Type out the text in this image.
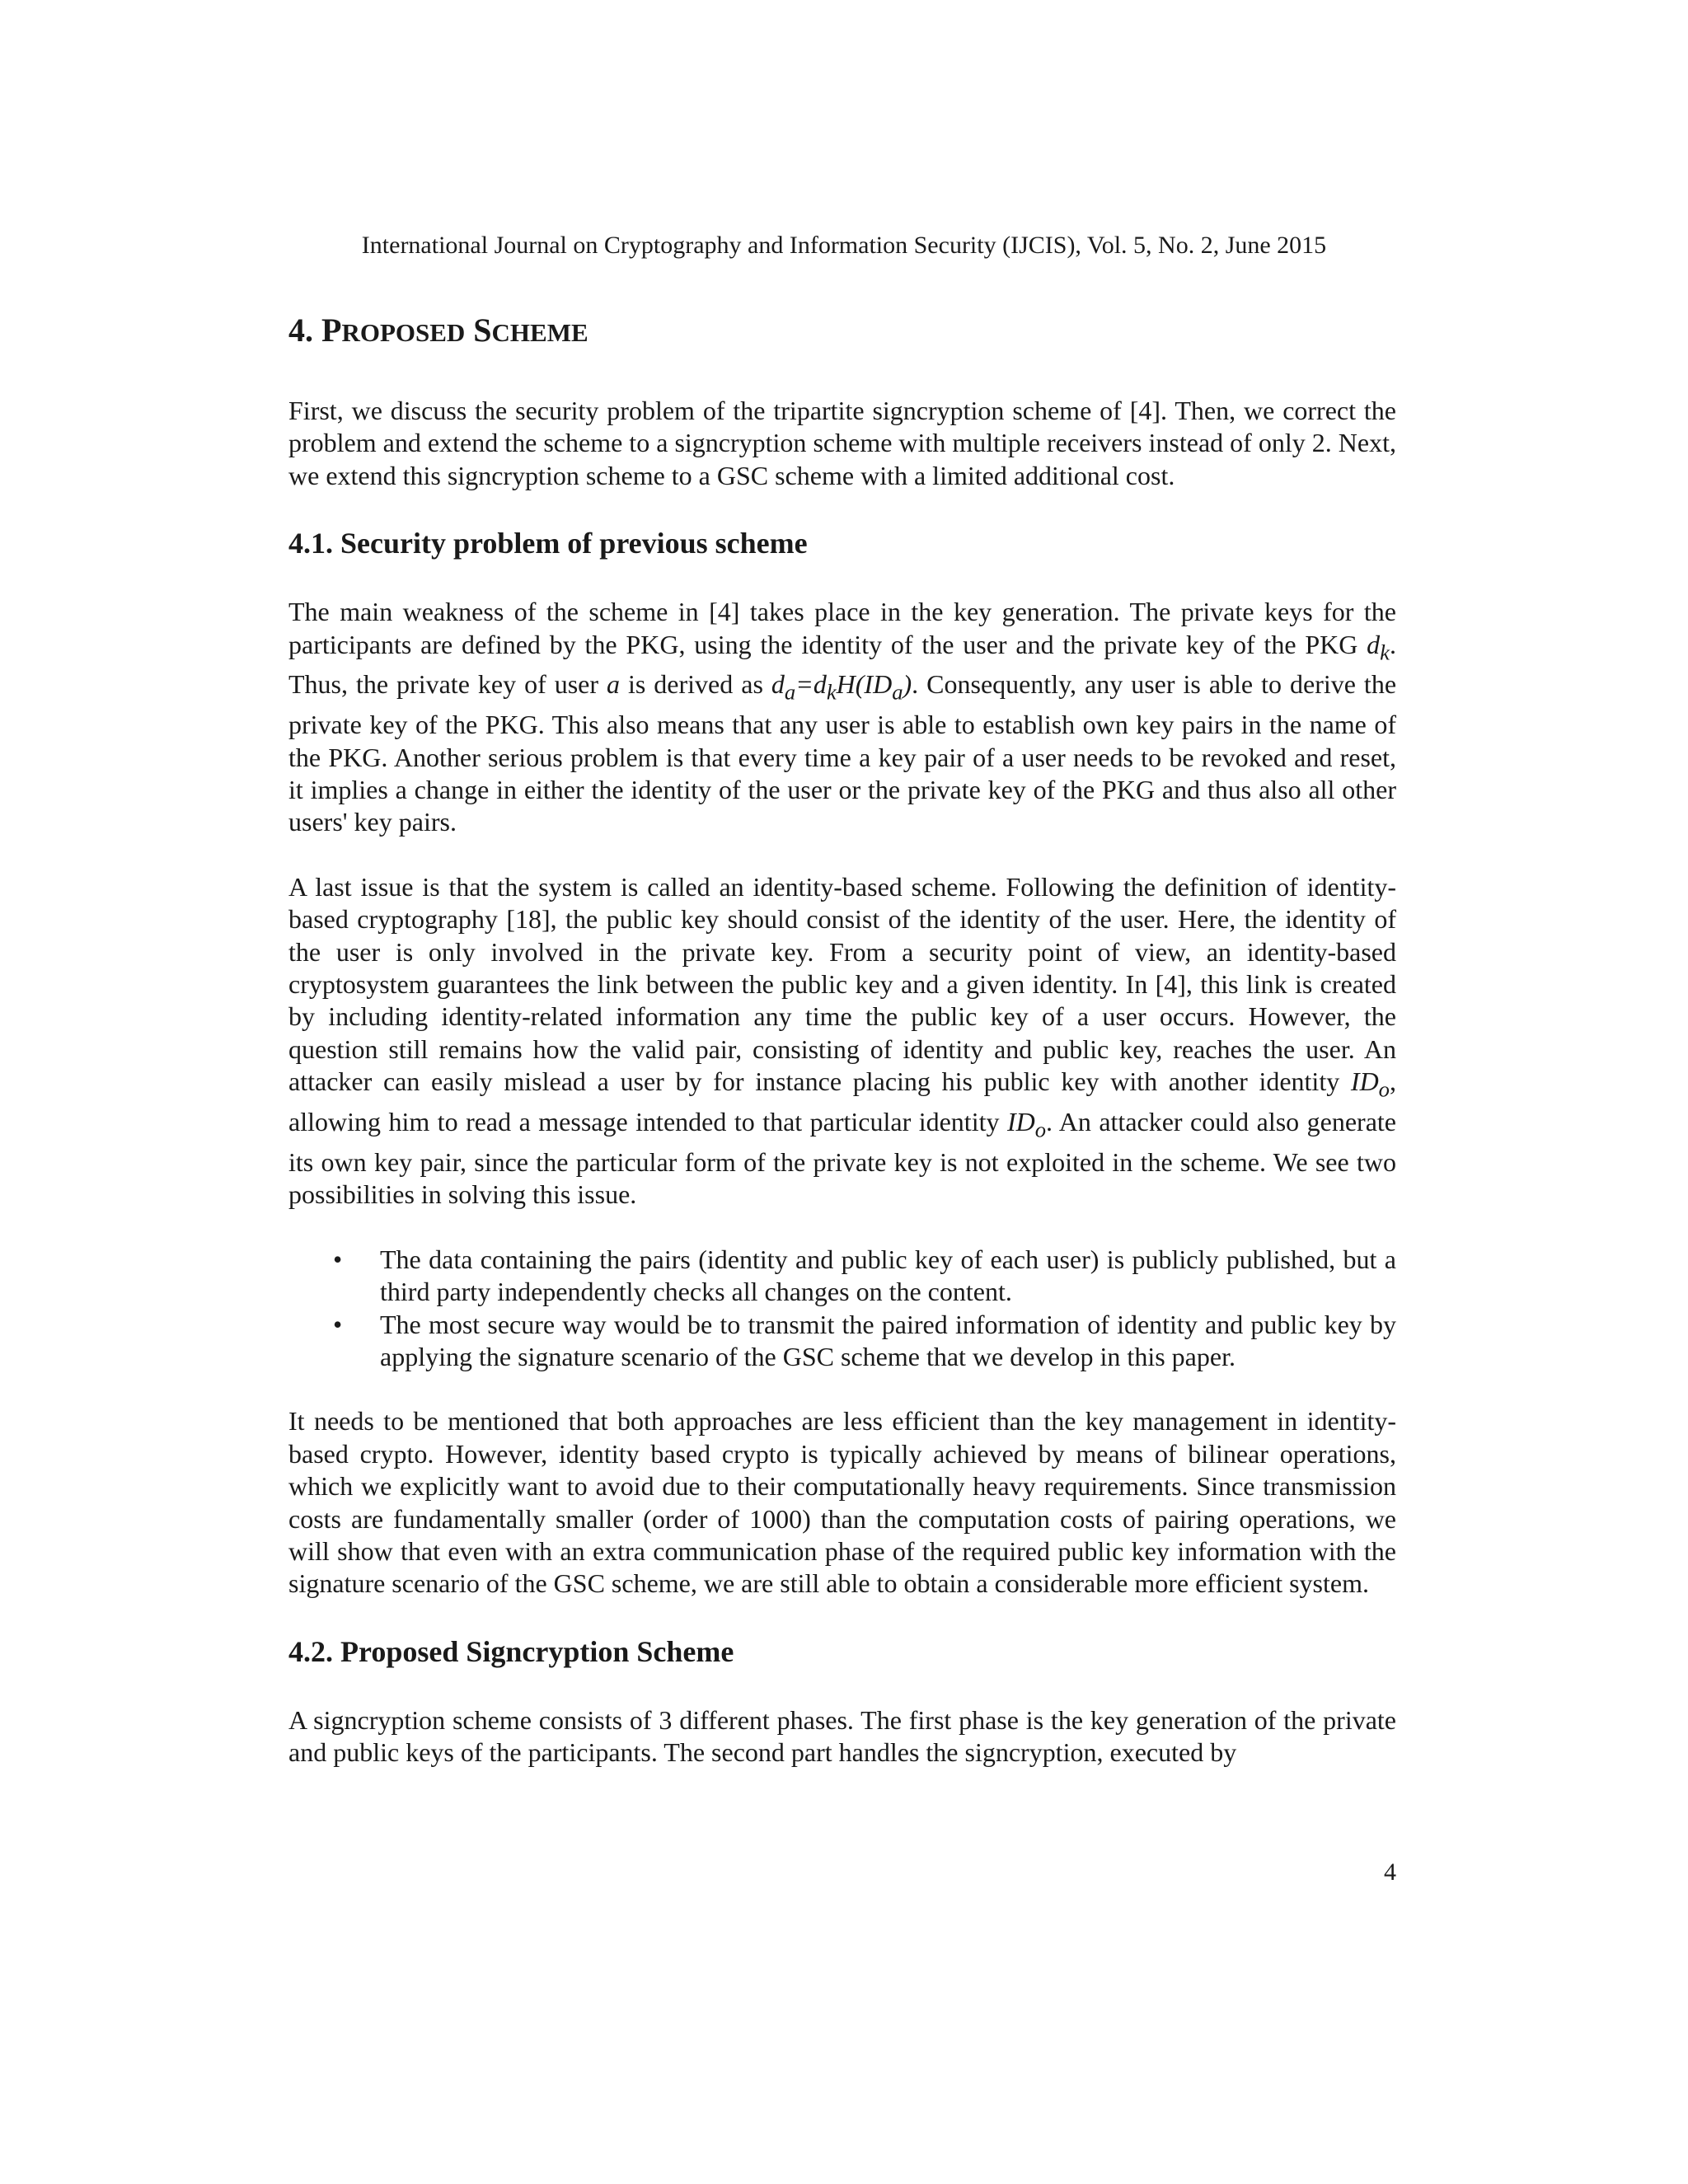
International Journal on Cryptography and Information Security (IJCIS), Vol. 5, No. 2, June 2015
4. PROPOSED SCHEME

First, we discuss the security problem of the tripartite signcryption scheme of [4]. Then, we correct the problem and extend the scheme to a signcryption scheme with multiple receivers instead of only 2. Next, we extend this signcryption scheme to a GSC scheme with a limited additional cost.

4.1. Security problem of previous scheme

The main weakness of the scheme in [4] takes place in the key generation. The private keys for the participants are defined by the PKG, using the identity of the user and the private key of the PKG $d_k$. Thus, the private key of user a is derived as $d_a=d_kH(ID_a)$. Consequently, any user is able to derive the private key of the PKG. This also means that any user is able to establish own key pairs in the name of the PKG. Another serious problem is that every time a key pair of a user needs to be revoked and reset, it implies a change in either the identity of the user or the private key of the PKG and thus also all other users' key pairs.

A last issue is that the system is called an identity-based scheme. Following the definition of identity-based cryptography [18], the public key should consist of the identity of the user. Here, the identity of the user is only involved in the private key. From a security point of view, an identity-based cryptosystem guarantees the link between the public key and a given identity. In [4], this link is created by including identity-related information any time the public key of a user occurs. However, the question still remains how the valid pair, consisting of identity and public key, reaches the user. An attacker can easily mislead a user by for instance placing his public key with another identity $ID_o$, allowing him to read a message intended to that particular identity $ID_o$. An attacker could also generate its own key pair, since the particular form of the private key is not exploited in the scheme. We see two possibilities in solving this issue.

• The data containing the pairs (identity and public key of each user) is publicly published, but a third party independently checks all changes on the content.
• The most secure way would be to transmit the paired information of identity and public key by applying the signature scenario of the GSC scheme that we develop in this paper.

It needs to be mentioned that both approaches are less efficient than the key management in identity-based crypto. However, identity based crypto is typically achieved by means of bilinear operations, which we explicitly want to avoid due to their computationally heavy requirements. Since transmission costs are fundamentally smaller (order of 1000) than the computation costs of pairing operations, we will show that even with an extra communication phase of the required public key information with the signature scenario of the GSC scheme, we are still able to obtain a considerable more efficient system.

4.2. Proposed Signcryption Scheme

A signcryption scheme consists of 3 different phases. The first phase is the key generation of the private and public keys of the participants. The second part handles the signcryption, executed by

4
